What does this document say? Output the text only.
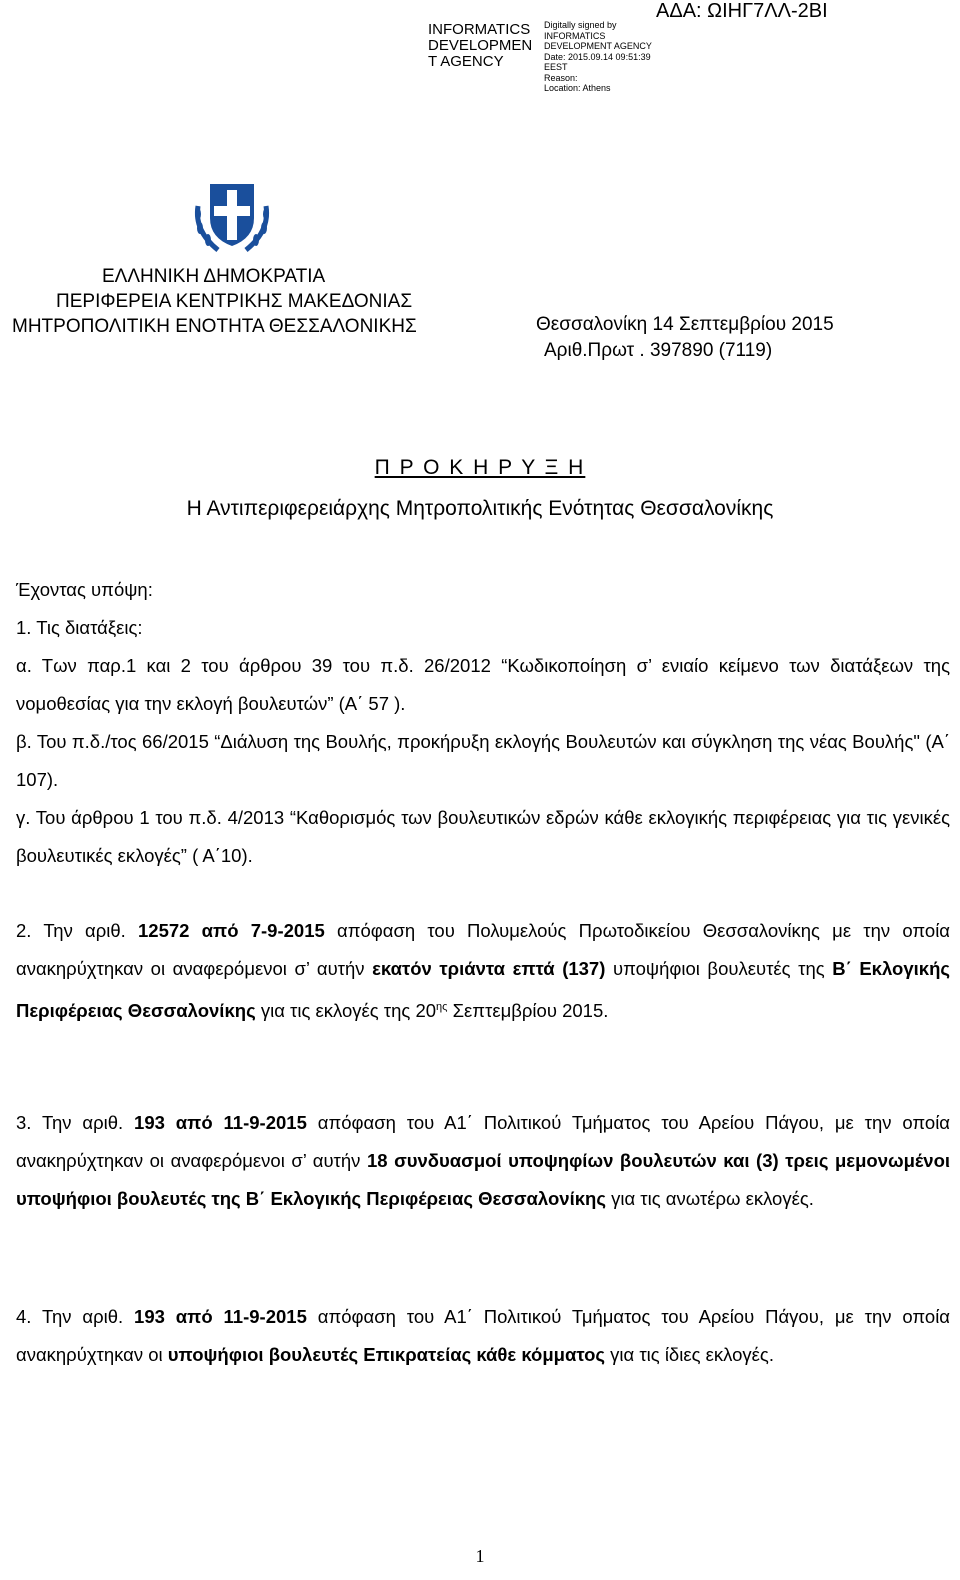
INFORMATICS DEVELOPMEN T AGENCY
Digitally signed by
INFORMATICS
DEVELOPMENT AGENCY
Date: 2015.09.14 09:51:39
EEST
Reason:
Location: Athens
ΑΔΑ: ΩΙΗΓ7ΛΛ-2ΒΙ
ΕΛΛΗΝΙΚΗ ΔΗΜΟΚΡΑΤΙΑ
ΠΕΡΙΦΕΡΕΙΑ ΚΕΝΤΡΙΚΗΣ ΜΑΚΕΔΟΝΙΑΣ
ΜΗΤΡΟΠΟΛΙΤΙΚΗ ΕΝΟΤΗΤΑ ΘΕΣΣΑΛΟΝΙΚΗΣ	Θεσσαλονίκη 14 Σεπτεμβρίου 2015
Αριθ.Πρωτ . 397890 (7119)
Π Ρ Ο Κ Η Ρ Υ Ξ Η
Η Αντιπεριφερειάρχης Μητροπολιτικής Ενότητας Θεσσαλονίκης
Έχοντας υπόψη:
1. Τις διατάξεις:
α. Των παρ.1 και 2 του άρθρου 39 του π.δ. 26/2012 “Κωδικοποίηση σ’ ενιαίο κείμενο των διατάξεων της νομοθεσίας για την εκλογή βουλευτών” (Α΄ 57 ).
β. Του π.δ./τος 66/2015 “Διάλυση της Βουλής, προκήρυξη εκλογής Βουλευτών και σύγκληση της νέας Βουλής" (Α΄ 107).
γ. Του άρθρου 1 του π.δ. 4/2013 “Καθορισμός των βουλευτικών εδρών κάθε εκλογικής περιφέρειας για τις γενικές βουλευτικές εκλογές” ( Α΄10).
2. Την αριθ. 12572 από 7-9-2015 απόφαση του Πολυμελούς Πρωτοδικείου Θεσσαλονίκης με την οποία ανακηρύχτηκαν οι αναφερόμενοι σ’ αυτήν εκατόν τριάντα επτά (137) υποψήφιοι βουλευτές της Β΄ Εκλογικής Περιφέρειας Θεσσαλονίκης για τις εκλογές της $20^{\eta\varsigma}$ Σεπτεμβρίου 2015.
3. Την αριθ. 193 από 11-9-2015 απόφαση του Α1΄ Πολιτικού Τμήματος του Αρείου Πάγου, με την οποία ανακηρύχτηκαν οι αναφερόμενοι σ’ αυτήν 18 συνδυασμοί υποψηφίων βουλευτών και (3) τρεις μεμονωμένοι υποψήφιοι βουλευτές της Β΄ Εκλογικής Περιφέρειας Θεσσαλονίκης για τις ανωτέρω εκλογές.
4. Την αριθ. 193 από 11-9-2015 απόφαση του Α1΄ Πολιτικού Τμήματος του Αρείου Πάγου, με την οποία ανακηρύχτηκαν οι υποψήφιοι βουλευτές Επικρατείας κάθε κόμματος για τις ίδιες εκλογές.
1
